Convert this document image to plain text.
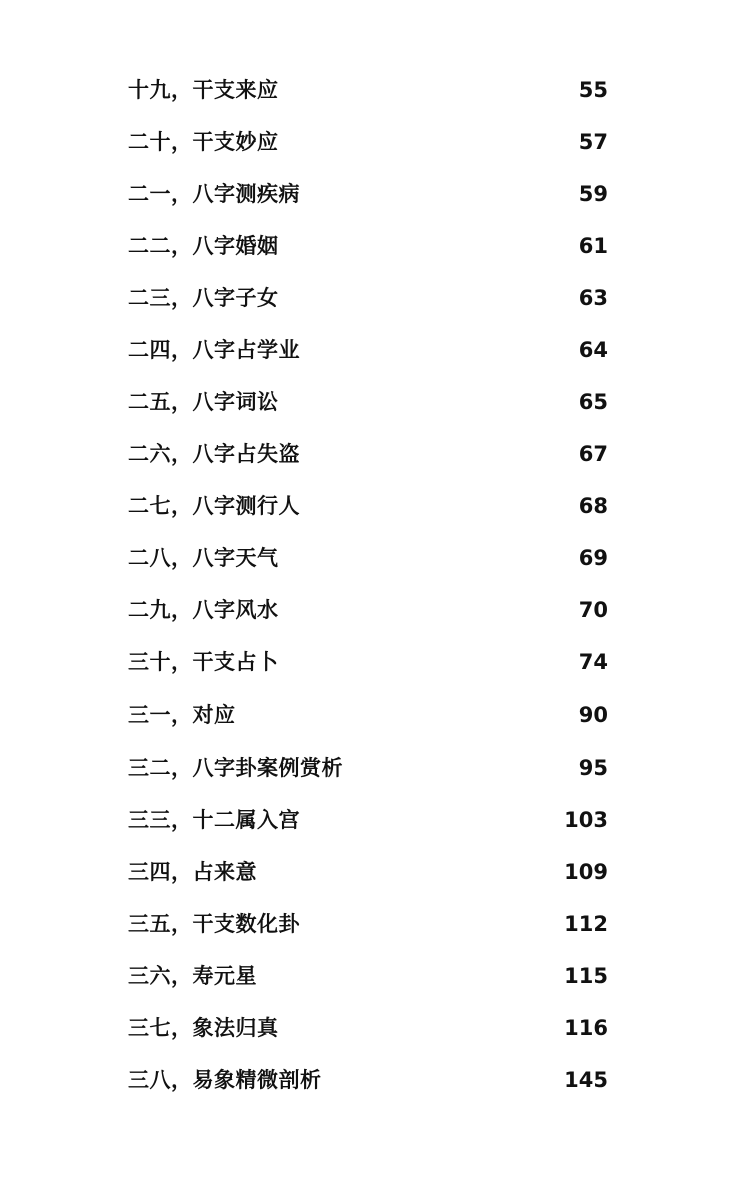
十九，干支来应	55
二十，干支妙应	57
二一，八字测疾病	59
二二，八字婚姻	61
二三，八字子女	63
二四，八字占学业	64
二五，八字词讼	65
二六，八字占失盗	67
二七，八字测行人	68
二八，八字天气	69
二九，八字风水	70
三十，干支占卜	74
三一，对应	90
三二，八字卦案例赏析	95
三三，十二属入宫	103
三四，占来意	109
三五，干支数化卦	112
三六，寿元星	115
三七，象法归真	116
三八，易象精微剖析	145
